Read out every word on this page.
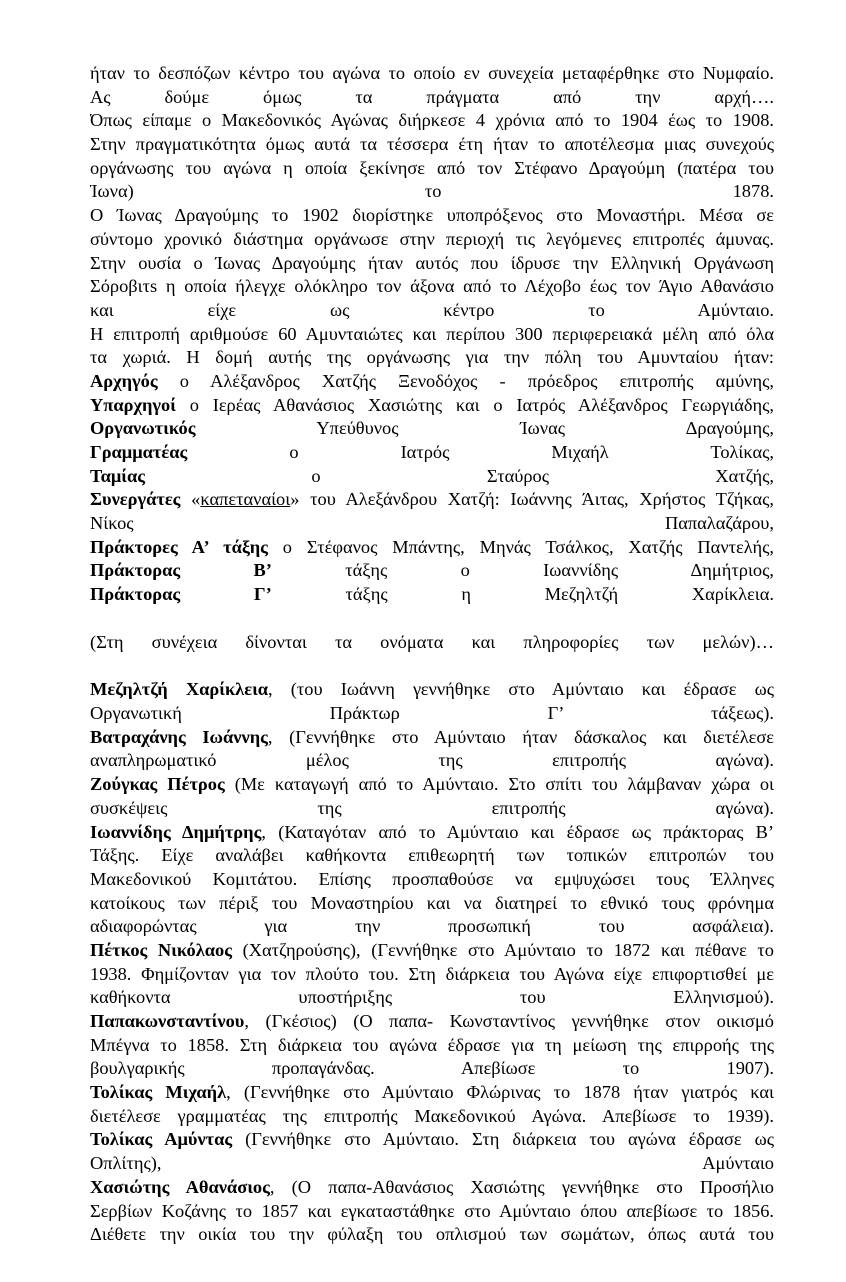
ήταν το δεσπόζων κέντρο του αγώνα το οποίο εν συνεχεία μεταφέρθηκε στο Νυμφαίο.
Ας δούμε όμως τα πράγματα από την αρχή….
Όπως είπαμε ο Μακεδονικός Αγώνας διήρκεσε 4 χρόνια από το 1904 έως το 1908.
Στην πραγματικότητα όμως αυτά τα τέσσερα έτη ήταν το αποτέλεσμα μιας συνεχούς
οργάνωσης του αγώνα η οποία ξεκίνησε από τον Στέφανο Δραγούμη (πατέρα του
Ίωνα) το 1878.
Ο Ίωνας Δραγούμης το 1902 διορίστηκε υποπρόξενος στο Μοναστήρι. Μέσα σε
σύντομο χρονικό διάστημα οργάνωσε στην περιοχή τις λεγόμενες επιτροπές άμυνας.
Στην ουσία ο Ίωνας Δραγούμης ήταν αυτός που ίδρυσε την Ελληνική Οργάνωση
Σόροβιτs η οποία ήλεγχε ολόκληρο τον άξονα από το Λέχοβο έως τον Άγιο Αθανάσιο
και είχε ως κέντρο το Αμύνταιο.
Η επιτροπή αριθμούσε 60 Αμυνταιώτες και περίπου 300 περιφερειακά μέλη από όλα
τα χωριά. Η δομή αυτής της οργάνωσης για την πόλη του Αμυνταίου ήταν:
Αρχηγός ο Αλέξανδρος Χατζής Ξενοδόχος - πρόεδρος επιτροπής αμύνης,
Υπαρχηγοί ο Ιερέας Αθανάσιος Χασιώτης και ο Ιατρός Αλέξανδρος Γεωργιάδης,
Οργανωτικός Υπεύθυνος Ίωνας Δραγούμης,
Γραμματέας ο Ιατρός Μιχαήλ Τολίκας,
Ταμίας ο Σταύρος Χατζής,
Συνεργάτες «καπεταναίοι» του Αλεξάνδρου Χατζή: Ιωάννης Άιτας, Χρήστος Τζήκας,
Νίκος Παπαλαζάρου,
Πράκτορες Α’ τάξης ο Στέφανος Μπάντης, Μηνάς Τσάλκος, Χατζής Παντελής,
Πράκτορας Β’ τάξης ο Ιωαννίδης Δημήτριος,
Πράκτορας Γ’ τάξης η Μεζηλτζή Χαρίκλεια.
(Στη συνέχεια δίνονται τα ονόματα και πληροφορίες των μελών)…
Μεζηλτζή Χαρίκλεια, (του Ιωάννη γεννήθηκε στο Αμύνταιο και έδρασε ως
Οργανωτική Πράκτωρ Γ’ τάξεως).
Βατραχάνης Ιωάννης, (Γεννήθηκε στο Αμύνταιο ήταν δάσκαλος και διετέλεσε
αναπληρωματικό μέλος της επιτροπής αγώνα).
Ζούγκας Πέτρος (Με καταγωγή από το Αμύνταιο. Στο σπίτι του λάμβαναν χώρα οι
συσκέψεις της επιτροπής αγώνα).
Ιωαννίδης Δημήτρης, (Καταγόταν από το Αμύνταιο και έδρασε ως πράκτορας Β’
Τάξης. Είχε αναλάβει καθήκοντα επιθεωρητή των τοπικών επιτροπών του
Μακεδονικού Κομιτάτου. Επίσης προσπαθούσε να εμψυχώσει τους Έλληνες
κατοίκους των πέριξ του Μοναστηρίου και να διατηρεί το εθνικό τους φρόνημα
αδιαφορώντας για την προσωπική του ασφάλεια).
Πέτκος Νικόλαος (Χατζηρούσης), (Γεννήθηκε στο Αμύνταιο το 1872 και πέθανε το
1938. Φημίζονταν για τον πλούτο του. Στη διάρκεια του Αγώνα είχε επιφορτισθεί με
καθήκοντα υποστήριξης του Ελληνισμού).
Παπακωνσταντίνου, (Γκέσιος) (Ο παπα- Κωνσταντίνος γεννήθηκε στον οικισμό
Μπέγνα το 1858. Στη διάρκεια του αγώνα έδρασε για τη μείωση της επιρροής της
βουλγαρικής προπαγάνδας. Απεβίωσε το 1907).
Τολίκας Μιχαήλ, (Γεννήθηκε στο Αμύνταιο Φλώρινας το 1878 ήταν γιατρός και
διετέλεσε γραμματέας της επιτροπής Μακεδονικού Αγώνα. Απεβίωσε το 1939).
Τολίκας Αμύντας (Γεννήθηκε στο Αμύνταιο. Στη διάρκεια του αγώνα έδρασε ως
Οπλίτης), Αμύνταιο
Χασιώτης Αθανάσιος, (Ο παπα-Αθανάσιος Χασιώτης γεννήθηκε στο Προσήλιο
Σερβίων Κοζάνης το 1857 και εγκαταστάθηκε στο Αμύνταιο όπου απεβίωσε το 1856.
Διέθετε την οικία του την φύλαξη του οπλισμού των σωμάτων, όπως αυτά του
